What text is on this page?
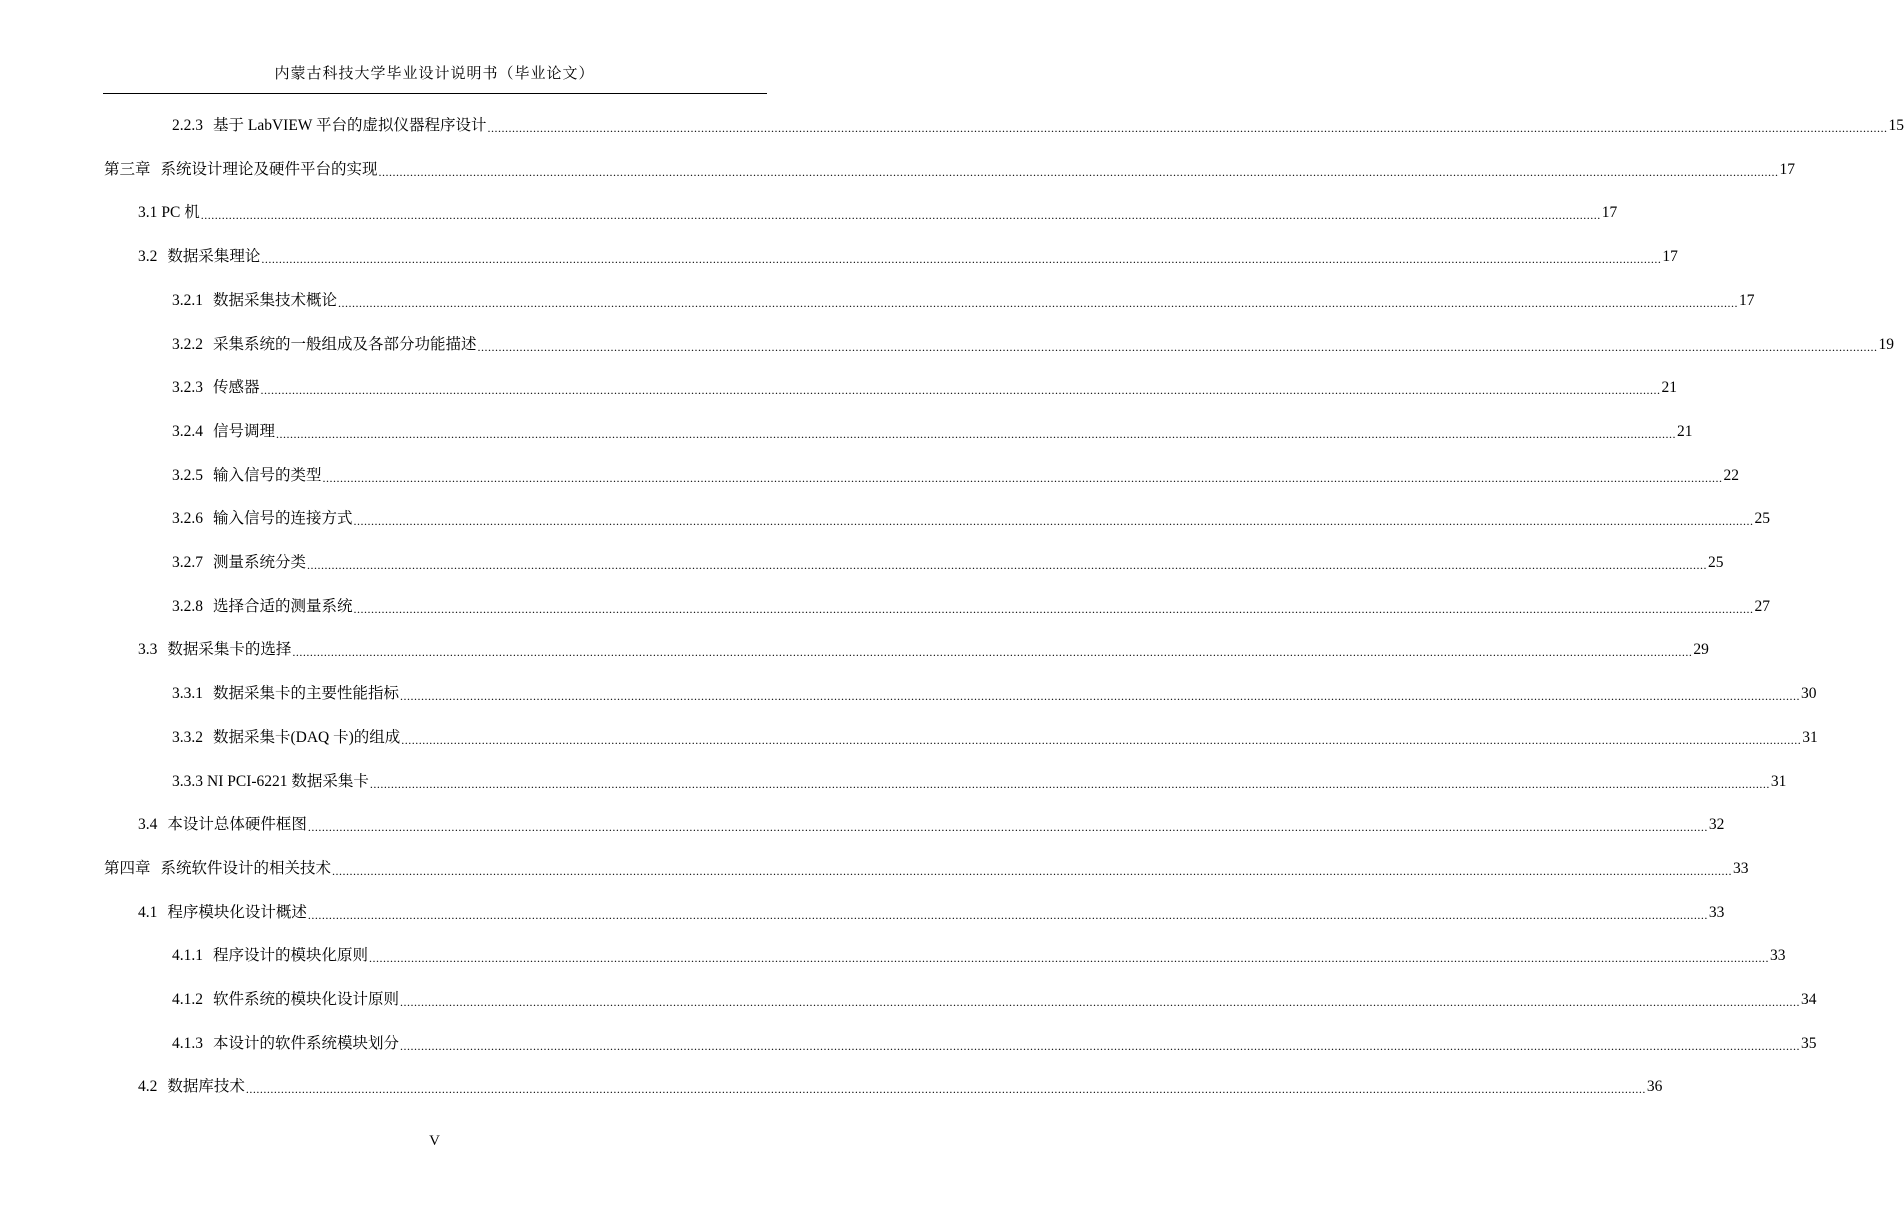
内蒙古科技大学毕业设计说明书（毕业论文）
2.2.3 基于 LabVIEW 平台的虚拟仪器程序设计 ................................................................................................................................................................................................................................................................................................................................................................................................................ 15
第三章 系统设计理论及硬件平台的实现 ................................................................................................................................................................................................................................................................................................................................................................................................................ 17
3.1 PC 机 ................................................................................................................................................................................................................................................................................................................................................................................................................ 17
3.2 数据采集理论 ................................................................................................................................................................................................................................................................................................................................................................................................................ 17
3.2.1 数据采集技术概论 ................................................................................................................................................................................................................................................................................................................................................................................................................ 17
3.2.2 采集系统的一般组成及各部分功能描述 ................................................................................................................................................................................................................................................................................................................................................................................................................ 19
3.2.3 传感器 ................................................................................................................................................................................................................................................................................................................................................................................................................ 21
3.2.4 信号调理 ................................................................................................................................................................................................................................................................................................................................................................................................................ 21
3.2.5 输入信号的类型 ................................................................................................................................................................................................................................................................................................................................................................................................................ 22
3.2.6 输入信号的连接方式 ................................................................................................................................................................................................................................................................................................................................................................................................................ 25
3.2.7 测量系统分类 ................................................................................................................................................................................................................................................................................................................................................................................................................ 25
3.2.8 选择合适的测量系统 ................................................................................................................................................................................................................................................................................................................................................................................................................ 27
3.3 数据采集卡的选择 ................................................................................................................................................................................................................................................................................................................................................................................................................ 29
3.3.1 数据采集卡的主要性能指标 ................................................................................................................................................................................................................................................................................................................................................................................................................ 30
3.3.2 数据采集卡(DAQ 卡)的组成 ................................................................................................................................................................................................................................................................................................................................................................................................................ 31
3.3.3 NI PCI-6221 数据采集卡 ................................................................................................................................................................................................................................................................................................................................................................................................................ 31
3.4 本设计总体硬件框图 ................................................................................................................................................................................................................................................................................................................................................................................................................ 32
第四章 系统软件设计的相关技术 ................................................................................................................................................................................................................................................................................................................................................................................................................ 33
4.1 程序模块化设计概述 ................................................................................................................................................................................................................................................................................................................................................................................................................ 33
4.1.1 程序设计的模块化原则 ................................................................................................................................................................................................................................................................................................................................................................................................................ 33
4.1.2 软件系统的模块化设计原则 ................................................................................................................................................................................................................................................................................................................................................................................................................ 34
4.1.3 本设计的软件系统模块划分 ................................................................................................................................................................................................................................................................................................................................................................................................................ 35
4.2 数据库技术 ................................................................................................................................................................................................................................................................................................................................................................................................................ 36
V
